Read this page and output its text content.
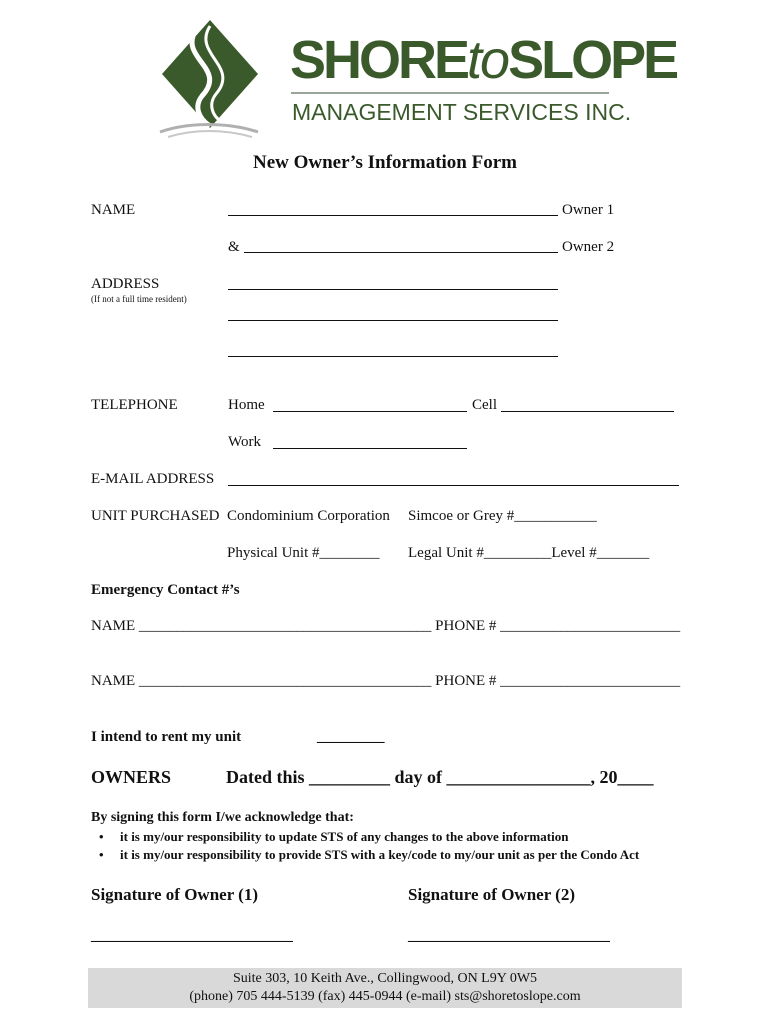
SHOREtoSLOPE
MANAGEMENT SERVICES INC.
New Owner’s Information Form
NAME	Owner 1
&	Owner 2
ADDRESS
(If not a full time resident)
TELEPHONE	Home	Cell
Work
E-MAIL ADDRESS
UNIT PURCHASED Condominium Corporation Simcoe or Grey #___________
Physical Unit #________ Legal Unit #_________Level #_______
Emergency Contact #’s
NAME _______________________________________ PHONE # ________________________
NAME _______________________________________ PHONE # ________________________
I intend to rent my unit	_________
OWNERS	Dated this _________ day of ________________, 20____
By signing this form I/we acknowledge that:
• it is my/our responsibility to update STS of any changes to the above information
• it is my/our responsibility to provide STS with a key/code to my/our unit as per the Condo Act
Signature of Owner (1)	Signature of Owner (2)
____________________________	____________________________
Suite 303, 10 Keith Ave., Collingwood, ON L9Y 0W5
(phone) 705 444-5139 (fax) 445-0944 (e-mail) sts@shoretoslope.com
